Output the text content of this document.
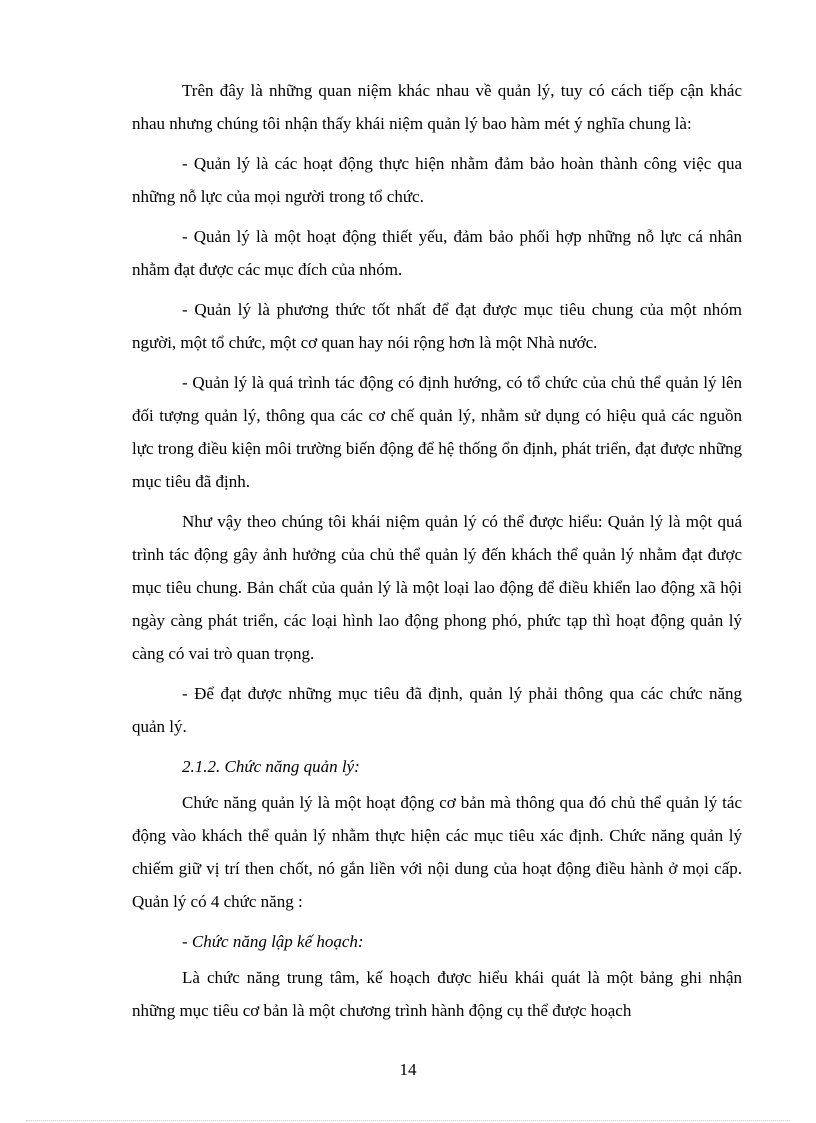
Trên đây là những quan niệm khác nhau về quản lý, tuy có cách tiếp cận khác nhau nhưng chúng tôi nhận thấy khái niệm quản lý bao hàm mét ý nghĩa chung là:

- Quản lý là các hoạt động thực hiện nhằm đảm bảo hoàn thành công việc qua những nỗ lực của mọi người trong tổ chức.

- Quản lý là một hoạt động thiết yếu, đảm bảo phối hợp những nỗ lực cá nhân nhằm đạt được các mục đích của nhóm.

- Quản lý là phương thức tốt nhất để đạt được mục tiêu chung của một nhóm người, một tổ chức, một cơ quan hay nói rộng hơn là một Nhà nước.

- Quản lý là quá trình tác động có định hướng, có tổ chức của chủ thể quản lý lên đối tượng quản lý, thông qua các cơ chế quản lý, nhằm sử dụng có hiệu quả các nguồn lực trong điều kiện môi trường biến động để hệ thống ổn định, phát triển, đạt được những mục tiêu đã định.

Như vậy theo chúng tôi khái niệm quản lý có thể được hiểu: Quản lý là một quá trình tác động gây ảnh hưởng của chủ thể quản lý đến khách thể quản lý nhằm đạt được mục tiêu chung. Bản chất của quản lý là một loại lao động để điều khiển lao động xã hội ngày càng phát triển, các loại hình lao động phong phó, phức tạp thì hoạt động quản lý càng có vai trò quan trọng.

- Để đạt được những mục tiêu đã định, quản lý phải thông qua các chức năng quản lý.

2.1.2. Chức năng quản lý:

Chức năng quản lý là một hoạt động cơ bản mà thông qua đó chủ thể quản lý tác động vào khách thể quản lý nhằm thực hiện các mục tiêu xác định. Chức năng quản lý chiếm giữ vị trí then chốt, nó gắn liền với nội dung của hoạt động điều hành ở mọi cấp. Quản lý có 4 chức năng :

- Chức năng lập kế hoạch:

Là chức năng trung tâm, kế hoạch được hiểu khái quát là một bảng ghi nhận những mục tiêu cơ bản là một chương trình hành động cụ thể được hoạch

14
